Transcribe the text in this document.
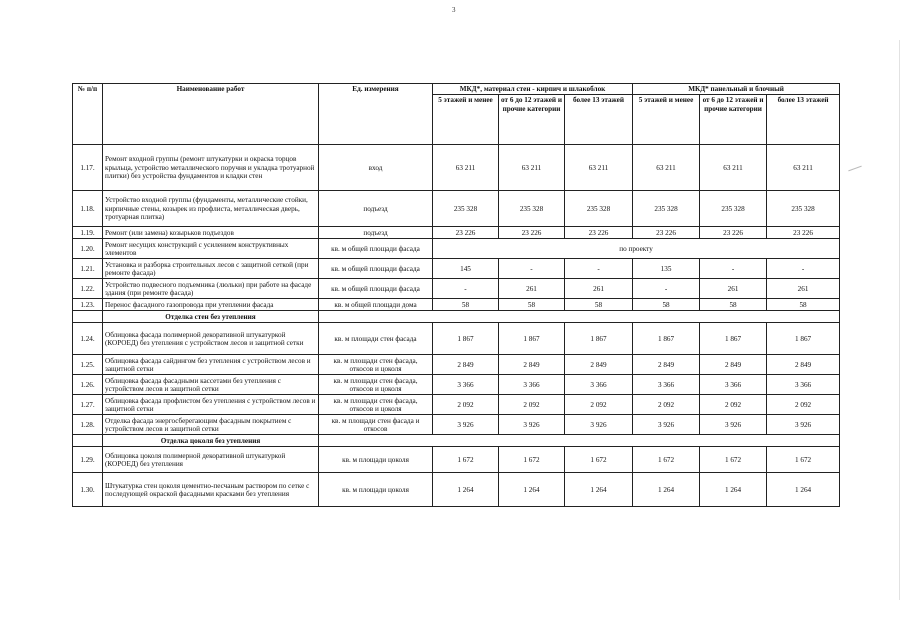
3
№ п/п	Наименование работ	Ед. измерения	МКД*, материал стен - кирпич и шлакоблок			МКД* панельный и блочный		
			5 этажей и менее	от 6 до 12 этажей и прочие категории	более 13 этажей	5 этажей и менее	от 6 до 12 этажей и прочие категории	более 13 этажей
1.17.	Ремонт входной группы (ремонт штукатурки и окраска торцов крыльца, устройство металлического поручня и укладка тротуарной плитки) без устройства фундаментов и кладки стен	вход	63 211	63 211	63 211	63 211	63 211	63 211
1.18.	Устройство входной группы (фундаменты, металлические стойки, кирпичные стены, козырек из профлиста, металлическая дверь, тротуарная плитка)	подъезд	235 328	235 328	235 328	235 328	235 328	235 328
1.19.	Ремонт (или замена) козырьков подъездов	подъезд	23 226	23 226	23 226	23 226	23 226	23 226
1.20.	Ремонт несущих конструкций с усилением конструктивных элементов	кв. м общей площади фасада	по проекту					
1.21.	Установка и разборка строительных лесов с защитной сеткой (при ремонте фасада)	кв. м общей площади фасада	145	-	-	135	-	-
1.22.	Устройство подвесного подъемника (люльки) при работе на фасаде здания (при ремонте фасада)	кв. м общей площади фасада	-	261	261	-	261	261
1.23.	Перенос фасадного газопровода при утеплении фасада	кв. м общей площади дома	58	58	58	58	58	58
	Отделка стен без утепления							
1.24.	Облицовка фасада полимерной декоративной штукатуркой (КОРОЕД) без утепления с устройством лесов и защитной сетки	кв. м площади стен фасада	1 867	1 867	1 867	1 867	1 867	1 867
1.25.	Облицовка фасада сайдингом без утепления с устройством лесов и защитной сетки	кв. м площади стен фасада, откосов и цоколя	2 849	2 849	2 849	2 849	2 849	2 849
1.26.	Облицовка фасада фасадными кассетами без утепления с устройством лесов и защитной сетки	кв. м площади стен фасада, откосов и цоколя	3 366	3 366	3 366	3 366	3 366	3 366
1.27.	Облицовка фасада профлистом без утепления с устройством лесов и защитной сетки	кв. м площади стен фасада, откосов и цоколя	2 092	2 092	2 092	2 092	2 092	2 092
1.28.	Отделка фасада энергосберегающим фасадным покрытием с устройством лесов и защитной сетки	кв. м площади стен фасада и откосов	3 926	3 926	3 926	3 926	3 926	3 926
	Отделка цоколя без утепления							
1.29.	Облицовка цоколя полимерной декоративной штукатуркой (КОРОЕД) без утепления	кв. м площади цоколя	1 672	1 672	1 672	1 672	1 672	1 672
1.30.	Штукатурка стен цоколя цементно-песчаным раствором по сетке с последующей окраской фасадными красками без утепления	кв. м площади цоколя	1 264	1 264	1 264	1 264	1 264	1 264
